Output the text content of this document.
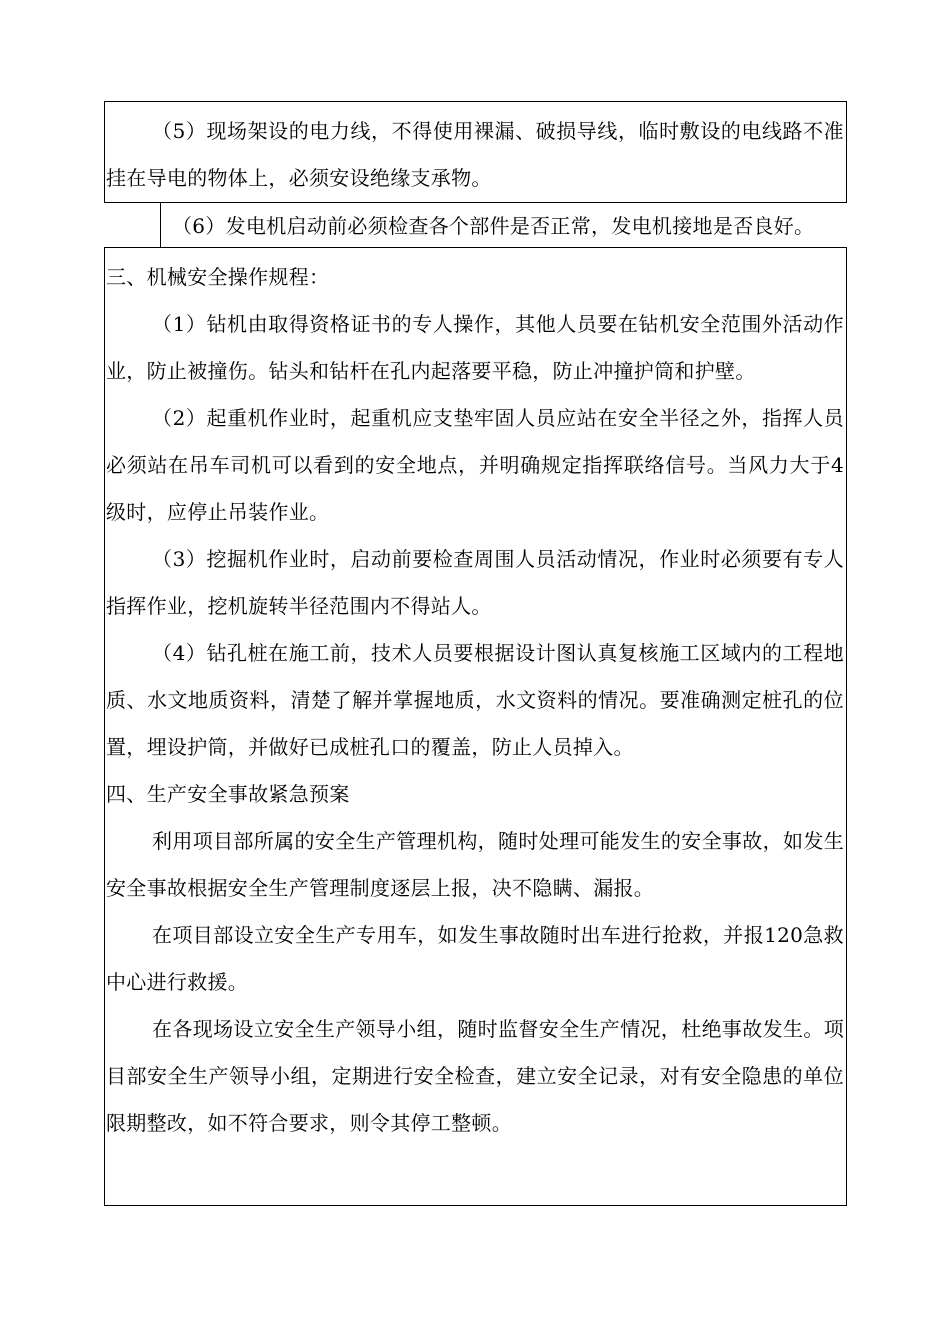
（5）现场架设的电力线，不得使用裸漏、破损导线，临时敷设的电线路不准挂在导电的物体上，必须安设绝缘支承物。

（6）发电机启动前必须检查各个部件是否正常，发电机接地是否良好。

三、机械安全操作规程：

（1）钻机由取得资格证书的专人操作，其他人员要在钻机安全范围外活动作业，防止被撞伤。钻头和钻杆在孔内起落要平稳，防止冲撞护筒和护壁。

（2）起重机作业时，起重机应支垫牢固人员应站在安全半径之外，指挥人员必须站在吊车司机可以看到的安全地点，并明确规定指挥联络信号。当风力大于4级时，应停止吊装作业。

（3）挖掘机作业时，启动前要检查周围人员活动情况，作业时必须要有专人指挥作业，挖机旋转半径范围内不得站人。

（4）钻孔桩在施工前，技术人员要根据设计图认真复核施工区域内的工程地质、水文地质资料，清楚了解并掌握地质，水文资料的情况。要准确测定桩孔的位置，埋设护筒，并做好已成桩孔口的覆盖，防止人员掉入。

四、生产安全事故紧急预案

利用项目部所属的安全生产管理机构，随时处理可能发生的安全事故，如发生安全事故根据安全生产管理制度逐层上报，决不隐瞒、漏报。

在项目部设立安全生产专用车，如发生事故随时出车进行抢救，并报120急救中心进行救援。

在各现场设立安全生产领导小组，随时监督安全生产情况，杜绝事故发生。项目部安全生产领导小组，定期进行安全检查，建立安全记录，对有安全隐患的单位限期整改，如不符合要求，则令其停工整顿。
